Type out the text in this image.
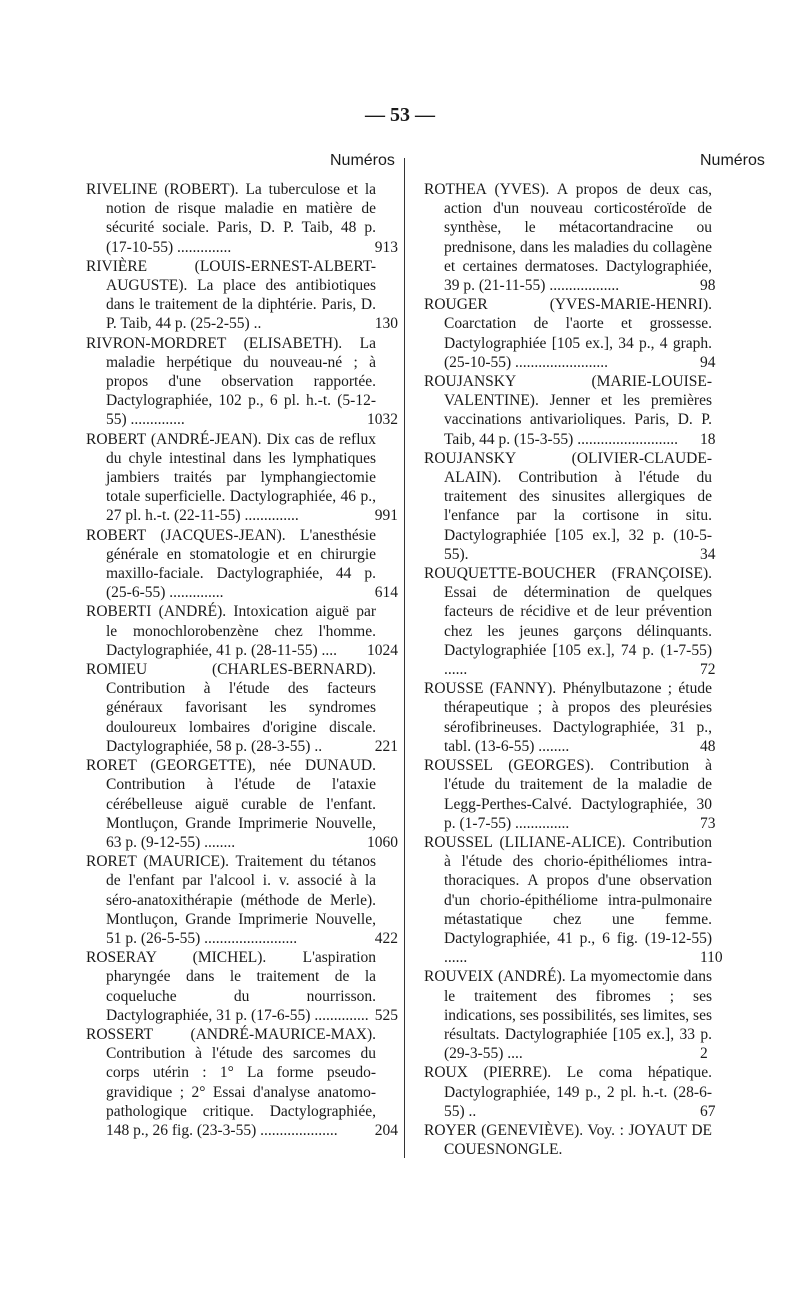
— 53 —
Numéros	Numéros
RIVELINE (ROBERT). La tuberculose et la notion de risque maladie en matière de sécurité sociale. Paris, D. P. Taib, 48 p. (17-10-55) ..............	913
RIVIÈRE (LOUIS-ERNEST-ALBERT-AUGUSTE). La place des antibiotiques dans le traitement de la diphtérie. Paris, D. P. Taib, 44 p. (25-2-55) ..	130
RIVRON-MORDRET (ELISABETH). La maladie herpétique du nouveau-né ; à propos d'une observation rapportée. Dactylographiée, 102 p., 6 pl. h.-t. (5-12-55) ..............	1032
ROBERT (ANDRÉ-JEAN). Dix cas de reflux du chyle intestinal dans les lymphatiques jambiers traités par lymphangiectomie totale superficielle. Dactylographiée, 46 p., 27 pl. h.-t. (22-11-55) ..............	991
ROBERT (JACQUES-JEAN). L'anesthésie générale en stomatologie et en chirurgie maxillo-faciale. Dactylographiée, 44 p. (25-6-55) ..............	614
ROBERTI (ANDRÉ). Intoxication aiguë par le monochlorobenzène chez l'homme. Dactylographiée, 41 p. (28-11-55) ....	1024
ROMIEU (CHARLES-BERNARD). Contribution à l'étude des facteurs généraux favorisant les syndromes douloureux lombaires d'origine discale. Dactylographiée, 58 p. (28-3-55) ..	221
RORET (GEORGETTE), née DUNAUD. Contribution à l'étude de l'ataxie cérébelleuse aiguë curable de l'enfant. Montluçon, Grande Imprimerie Nouvelle, 63 p. (9-12-55) ........	1060
RORET (MAURICE). Traitement du tétanos de l'enfant par l'alcool i. v. associé à la séro-anatoxithérapie (méthode de Merle). Montluçon, Grande Imprimerie Nouvelle, 51 p. (26-5-55) ........................	422
ROSERAY (MICHEL). L'aspiration pharyngée dans le traitement de la coqueluche du nourrisson. Dactylographiée, 31 p. (17-6-55) .............. 525
ROSSERT (ANDRÉ-MAURICE-MAX). Contribution à l'étude des sarcomes du corps utérin : 1° La forme pseudo-gravidique ; 2° Essai d'analyse anatomo-pathologique critique. Dactylographiée, 148 p., 26 fig. (23-3-55) ....................	204
ROTHEA (YVES). A propos de deux cas, action d'un nouveau corticostéroïde de synthèse, le métacortandracine ou prednisone, dans les maladies du collagène et certaines dermatoses. Dactylographiée, 39 p. (21-11-55) ..................	98
ROUGER (YVES-MARIE-HENRI). Coarctation de l'aorte et grossesse. Dactylographiée [105 ex.], 34 p., 4 graph. (25-10-55) ........................	94
ROUJANSKY (MARIE-LOUISE-VALENTINE). Jenner et les premières vaccinations antivarioliques. Paris, D. P. Taib, 44 p. (15-3-55) ..........................	18
ROUJANSKY (OLIVIER-CLAUDE-ALAIN). Contribution à l'étude du traitement des sinusites allergiques de l'enfance par la cortisone in situ. Dactylographiée [105 ex.], 32 p. (10-5-55).	34
ROUQUETTE-BOUCHER (FRANÇOISE). Essai de détermination de quelques facteurs de récidive et de leur prévention chez les jeunes garçons délinquants. Dactylographiée [105 ex.], 74 p. (1-7-55) ......	72
ROUSSE (FANNY). Phénylbutazone ; étude thérapeutique ; à propos des pleurésies sérofibrineuses. Dactylographiée, 31 p., tabl. (13-6-55) ........	48
ROUSSEL (GEORGES). Contribution à l'étude du traitement de la maladie de Legg-Perthes-Calvé. Dactylographiée, 30 p. (1-7-55) ..............	73
ROUSSEL (LILIANE-ALICE). Contribution à l'étude des chorio-épithéliomes intra-thoraciques. A propos d'une observation d'un chorio-épithéliome intra-pulmonaire métastatique chez une femme. Dactylographiée, 41 p., 6 fig. (19-12-55) ......	110
ROUVEIX (ANDRÉ). La myomectomie dans le traitement des fibromes ; ses indications, ses possibilités, ses limites, ses résultats. Dactylographiée [105 ex.], 33 p. (29-3-55) ....	2
ROUX (PIERRE). Le coma hépatique. Dactylographiée, 149 p., 2 pl. h.-t. (28-6-55) ..	67
ROYER (GENEVIÈVE). Voy. : JOYAUT DE COUESNONGLE.
